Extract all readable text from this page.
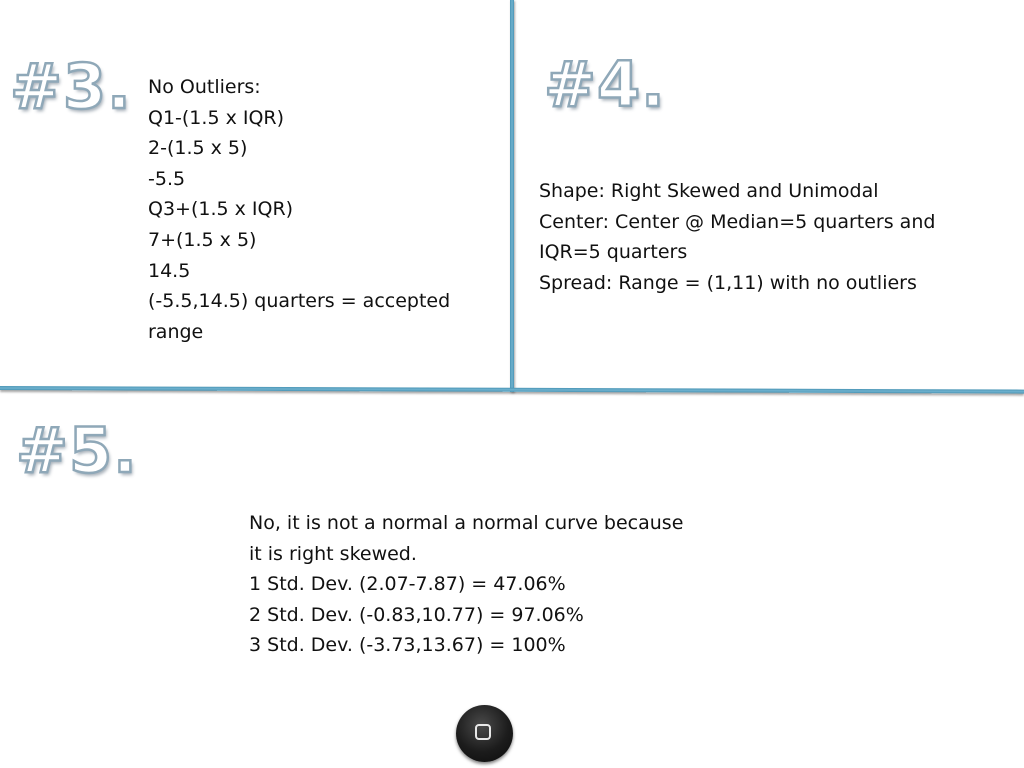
#3. No Outliers:
Q1-(1.5 x IQR)
2-(1.5 x 5)
-5.5
Q3+(1.5 x IQR)
7+(1.5 x 5)
14.5
(-5.5,14.5) quarters = accepted
range
#4.
Shape: Right Skewed and Unimodal
Center: Center @ Median=5 quarters and
IQR=5 quarters
Spread: Range = (1,11) with no outliers
#5.
No, it is not a normal a normal curve because
it is right skewed.
1 Std. Dev. (2.07-7.87) = 47.06%
2 Std. Dev. (-0.83,10.77) = 97.06%
3 Std. Dev. (-3.73,13.67) = 100%
